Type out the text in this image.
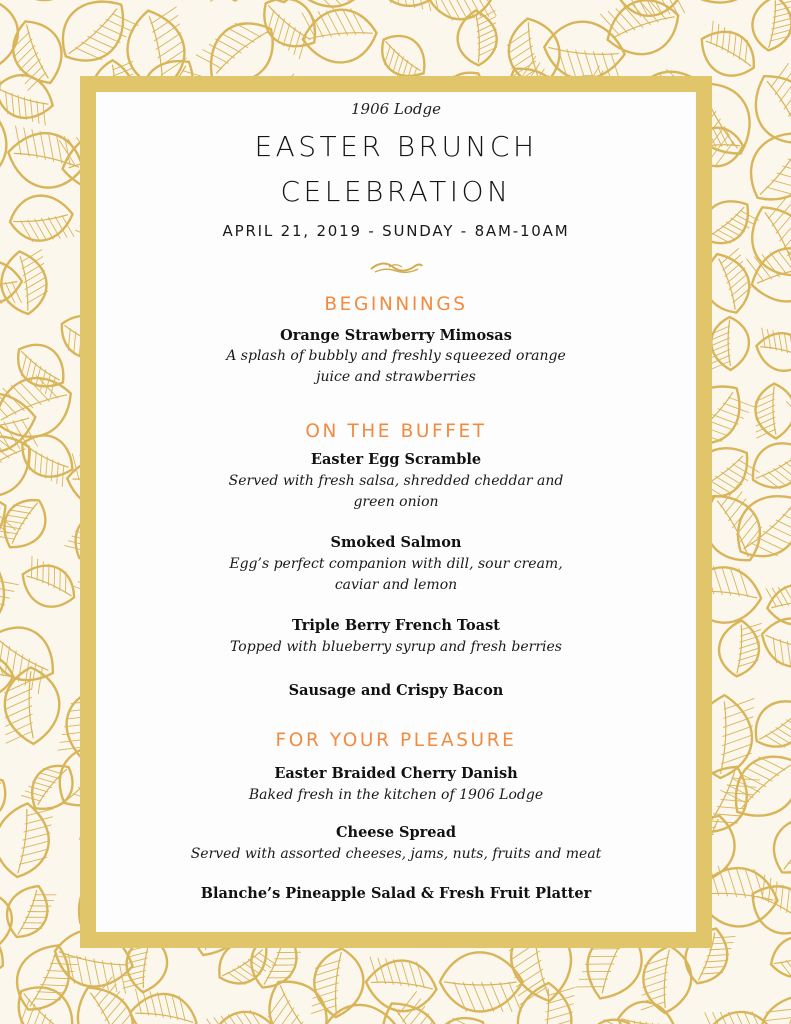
1906 Lodge
EASTER BRUNCH
CELEBRATION
APRIL 21, 2019 - SUNDAY - 8AM-10AM
BEGINNINGS
Orange Strawberry Mimosas
A splash of bubbly and freshly squeezed orange juice and strawberries
ON THE BUFFET
Easter Egg Scramble
Served with fresh salsa, shredded cheddar and green onion
Smoked Salmon
Egg’s perfect companion with dill, sour cream, caviar and lemon
Triple Berry French Toast
Topped with blueberry syrup and fresh berries
Sausage and Crispy Bacon
FOR YOUR PLEASURE
Easter Braided Cherry Danish
Baked fresh in the kitchen of 1906 Lodge
Cheese Spread
Served with assorted cheeses, jams, nuts, fruits and meat
Blanche’s Pineapple Salad & Fresh Fruit Platter
